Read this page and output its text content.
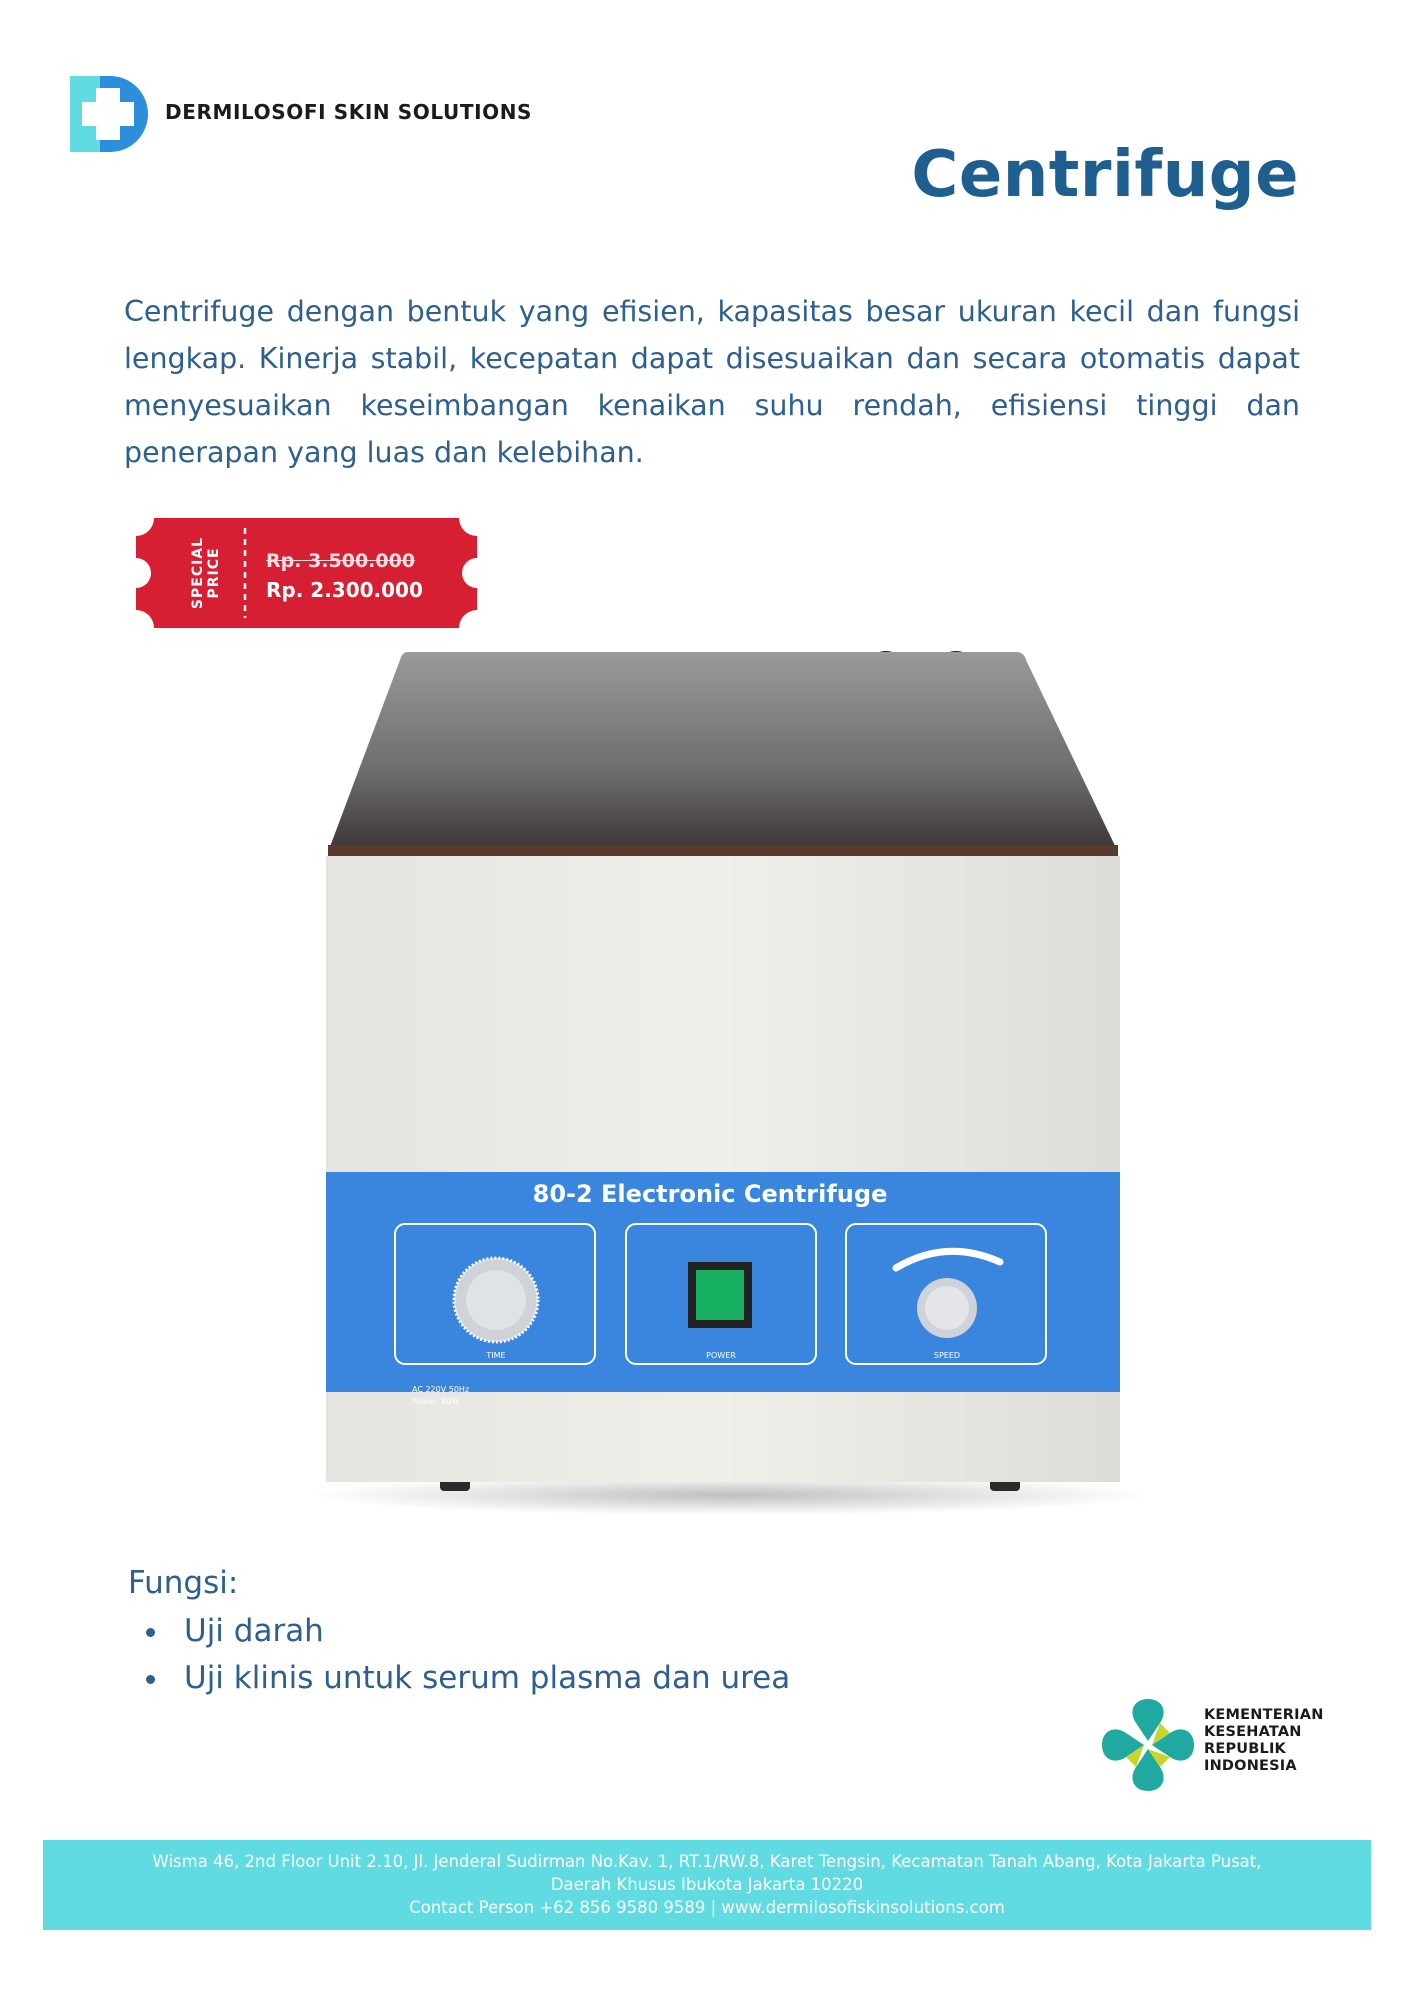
DERMILOSOFI SKIN SOLUTIONS
Centrifuge

Centrifuge dengan bentuk yang efisien, kapasitas besar ukuran kecil dan fungsi lengkap. Kinerja stabil, kecepatan dapat disesuaikan dan secara otomatis dapat menyesuaikan keseimbangan kenaikan suhu rendah, efisiensi tinggi dan penerapan yang luas dan kelebihan.

SPECIAL PRICE Rp. 3.500.000
Rp. 2.300.000
80-2 Electronic Centrifuge
TIME
AC 220V 50Hz
Power: 80W
POWER	SPEED
Fungsi:
Uji darah
Uji klinis untuk serum plasma dan urea
KEMENTERIAN
KESEHATAN
REPUBLIK
INDONESIA
Wisma 46, 2nd Floor Unit 2.10, Jl. Jenderal Sudirman No.Kav. 1, RT.1/RW.8, Karet Tengsin, Kecamatan Tanah Abang, Kota Jakarta Pusat,
Daerah Khusus Ibukota Jakarta 10220
Contact Person +62 856 9580 9589 | www.dermilosofiskinsolutions.com
